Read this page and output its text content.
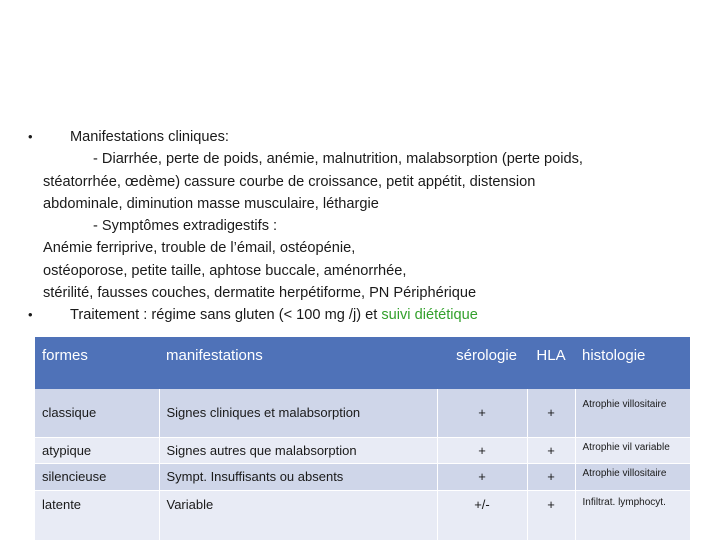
•	Manifestations cliniques:
- Diarrhée, perte de poids, anémie, malnutrition, malabsorption (perte poids,
stéatorrhée, œdème) cassure courbe de croissance, petit appétit, distension
abdominale, diminution masse musculaire, léthargie
- Symptômes extradigestifs :
Anémie ferriprive, trouble de l’émail, ostéopénie,
ostéoporose, petite taille, aphtose buccale, aménorrhée,
stérilité, fausses couches, dermatite herpétiforme, PN Périphérique
•	Traitement : régime sans gluten (< 100 mg /j) et suivi diététique
formes	manifestations	sérologie	HLA	histologie
classique	Signes cliniques et malabsorption	+	+	Atrophie villositaire
atypique	Signes autres que malabsorption	+	+	Atrophie vil variable
silencieuse	Sympt. Insuffisants ou absents	+	+	Atrophie villositaire
latente	Variable	+/-	+	Infiltrat. lymphocyt.
